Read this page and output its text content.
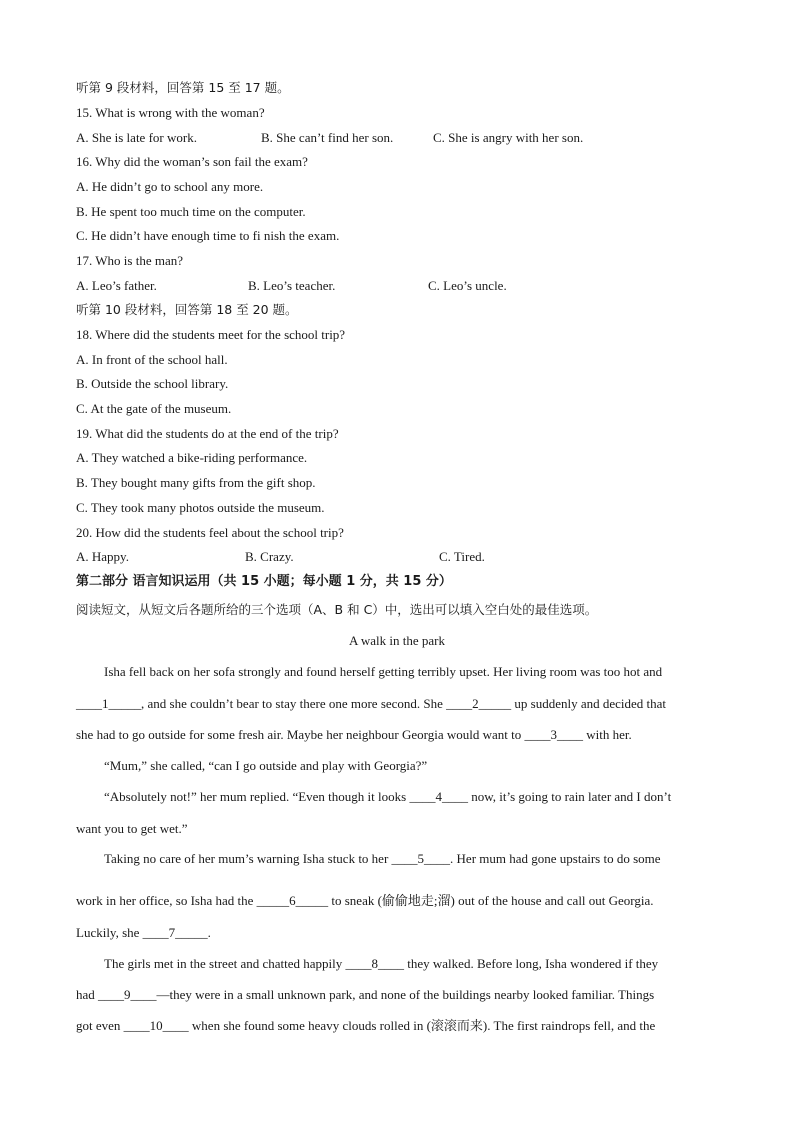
听第 9 段材料，回答第 15 至 17 题。
15. What is wrong with the woman?
A. She is late for work.	B. She can’t find her son.	C. She is angry with her son.
16. Why did the woman’s son fail the exam?
A. He didn’t go to school any more.
B. He spent too much time on the computer.
C. He didn’t have enough time to fi nish the exam.
17. Who is the man?
A. Leo’s father.	B. Leo’s teacher.	C. Leo’s uncle.
听第 10 段材料，回答第 18 至 20 题。
18. Where did the students meet for the school trip?
A. In front of the school hall.
B. Outside the school library.
C. At the gate of the museum.
19. What did the students do at the end of the trip?
A. They watched a bike-riding performance.
B. They bought many gifts from the gift shop.
C. They took many photos outside the museum.
20. How did the students feel about the school trip?
A. Happy.	B. Crazy.	C. Tired.
第二部分 语言知识运用（共 15 小题；每小题 1 分，共 15 分）
阅读短文，从短文后各题所给的三个选项（A、B 和 C）中，选出可以填入空白处的最佳选项。
A walk in the park
Isha fell back on her sofa strongly and found herself getting terribly upset. Her living room was too hot and
____1_____, and she couldn’t bear to stay there one more second. She ____2_____ up suddenly and decided that
she had to go outside for some fresh air. Maybe her neighbour Georgia would want to ____3____ with her.
“Mum,” she called, “can I go outside and play with Georgia?”
“Absolutely not!” her mum replied. “Even though it looks ____4____ now, it’s going to rain later and I don’t
want you to get wet.”
Taking no care of her mum’s warning Isha stuck to her ____5____. Her mum had gone upstairs to do some
work in her office, so Isha had the _____6_____ to sneak (偷偷地走;溜) out of the house and call out Georgia.
Luckily, she ____7_____.
The girls met in the street and chatted happily ____8____ they walked. Before long, Isha wondered if they
had ____9____—they were in a small unknown park, and none of the buildings nearby looked familiar. Things
got even ____10____ when she found some heavy clouds rolled in (滚滚而来). The first raindrops fell, and the
